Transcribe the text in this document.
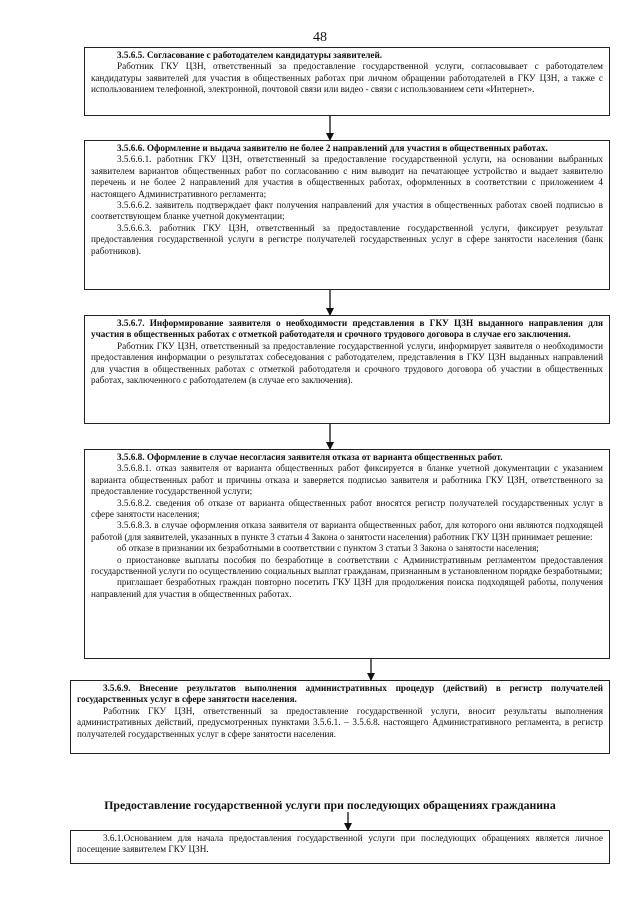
48

3.5.6.5. Согласование с работодателем кандидатуры заявителей.

Работник ГКУ ЦЗН, ответственный за предоставление государственной услуги, согласовывает с работодателем кандидатуры заявителей для участия в общественных работах при личном обращении работодателей в ГКУ ЦЗН, а также с использованием телефонной, электронной, почтовой связи или видео - связи с использованием сети «Интернет».

3.5.6.6. Оформление и выдача заявителю не более 2 направлений для участия в общественных работах.

3.5.6.6.1. работник ГКУ ЦЗН, ответственный за предоставление государственной услуги, на основании выбранных заявителем вариантов общественных работ по согласованию с ним выводит на печатающее устройство и выдает заявителю перечень и не более 2 направлений для участия в общественных работах, оформленных в соответствии с приложением 4 настоящего Административного регламента;

3.5.6.6.2. заявитель подтверждает факт получения направлений для участия в общественных работах своей подписью в соответствующем бланке учетной документации;

3.5.6.6.3. работник ГКУ ЦЗН, ответственный за предоставление государственной услуги, фиксирует результат предоставления государственной услуги в регистре получателей государственных услуг в сфере занятости населения (банк работников).

3.5.6.7. Информирование заявителя о необходимости представления в ГКУ ЦЗН выданного направления для участия в общественных работах с отметкой работодателя и срочного трудового договора в случае его заключения.

Работник ГКУ ЦЗН, ответственный за предоставление государственной услуги, информирует заявителя о необходимости предоставления информации о результатах собеседования с работодателем, представления в ГКУ ЦЗН выданных направлений для участия в общественных работах с отметкой работодателя и срочного трудового договора об участии в общественных работах, заключенного с работодателем (в случае его заключения).

3.5.6.8. Оформление в случае несогласия заявителя отказа от варианта общественных работ.

3.5.6.8.1. отказ заявителя от варианта общественных работ фиксируется в бланке учетной документации с указанием варианта общественных работ и причины отказа и заверяется подписью заявителя и работника ГКУ ЦЗН, ответственного за предоставление государственной услуги;

3.5.6.8.2. сведения об отказе от варианта общественных работ вносятся регистр получателей государственных услуг в сфере занятости населения;

3.5.6.8.3. в случае оформления отказа заявителя от варианта общественных работ, для которого они являются подходящей работой (для заявителей, указанных в пункте 3 статьи 4 Закона о занятости населения) работник ГКУ ЦЗН принимает решение:

об отказе в признании их безработными в соответствии с пунктом 3 статьи 3 Закона о занятости населения;

о приостановке выплаты пособия по безработице в соответствии с Административным регламентом предоставления государственной услуги по осуществлению социальных выплат гражданам, признанным в установленном порядке безработными;

приглашает безработных граждан повторно посетить ГКУ ЦЗН для продолжения поиска подходящей работы, получения направлений для участия в общественных работах.

3.5.6.9. Внесение результатов выполнения административных процедур (действий) в регистр получателей государственных услуг в сфере занятости населения.

Работник ГКУ ЦЗН, ответственный за предоставление государственной услуги, вносит результаты выполнения административных действий, предусмотренных пунктами 3.5.6.1. – 3.5.6.8. настоящего Административного регламента, в регистр получателей государственных услуг в сфере занятости населения.

Предоставление государственной услуги при последующих обращениях гражданина

3.6.1.Основанием для начала предоставления государственной услуги при последующих обращениях является личное посещение заявителем ГКУ ЦЗН.
